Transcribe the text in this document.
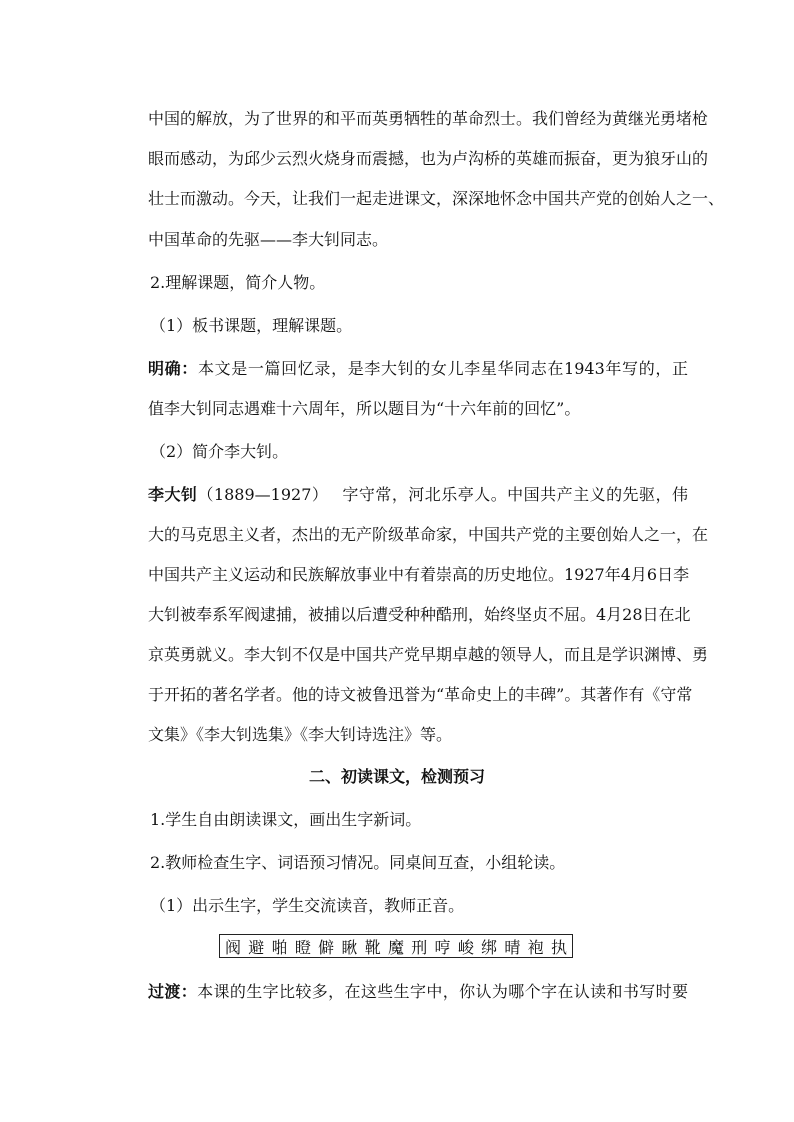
中国的解放，为了世界的和平而英勇牺牲的革命烈士。我们曾经为黄继光勇堵枪
眼而感动，为邱少云烈火烧身而震撼，也为卢沟桥的英雄而振奋，更为狼牙山的
壮士而激动。今天，让我们一起走进课文，深深地怀念中国共产党的创始人之一、
中国革命的先驱——李大钊同志。
2.理解课题，简介人物。
（1）板书课题，理解课题。
明确：本文是一篇回忆录，是李大钊的女儿李星华同志在1943年写的，正
值李大钊同志遇难十六周年，所以题目为“十六年前的回忆”。
（2）简介李大钊。
李大钊（1889—1927）　 字守常，河北乐亭人。中国共产主义的先驱，伟
大的马克思主义者，杰出的无产阶级革命家，中国共产党的主要创始人之一，在
中国共产主义运动和民族解放事业中有着崇高的历史地位。1927年4月6日李
大钊被奉系军阀逮捕，被捕以后遭受种种酷刑，始终坚贞不屈。4月28日在北
京英勇就义。李大钊不仅是中国共产党早期卓越的领导人，而且是学识渊博、勇
于开拓的著名学者。他的诗文被鲁迅誉为“革命史上的丰碑”。其著作有《守常
文集》《李大钊选集》《李大钊诗选注》等。
二、初读课文，检测预习
1.学生自由朗读课文，画出生字新词。
2.教师检查生字、词语预习情况。同桌间互查，小组轮读。
（1）出示生字，学生交流读音，教师正音。
阀 避 啪 瞪 僻 瞅 靴 魔 刑 哼 峻 绑 晴 袍 执
过渡：本课的生字比较多，在这些生字中，你认为哪个字在认读和书写时要
